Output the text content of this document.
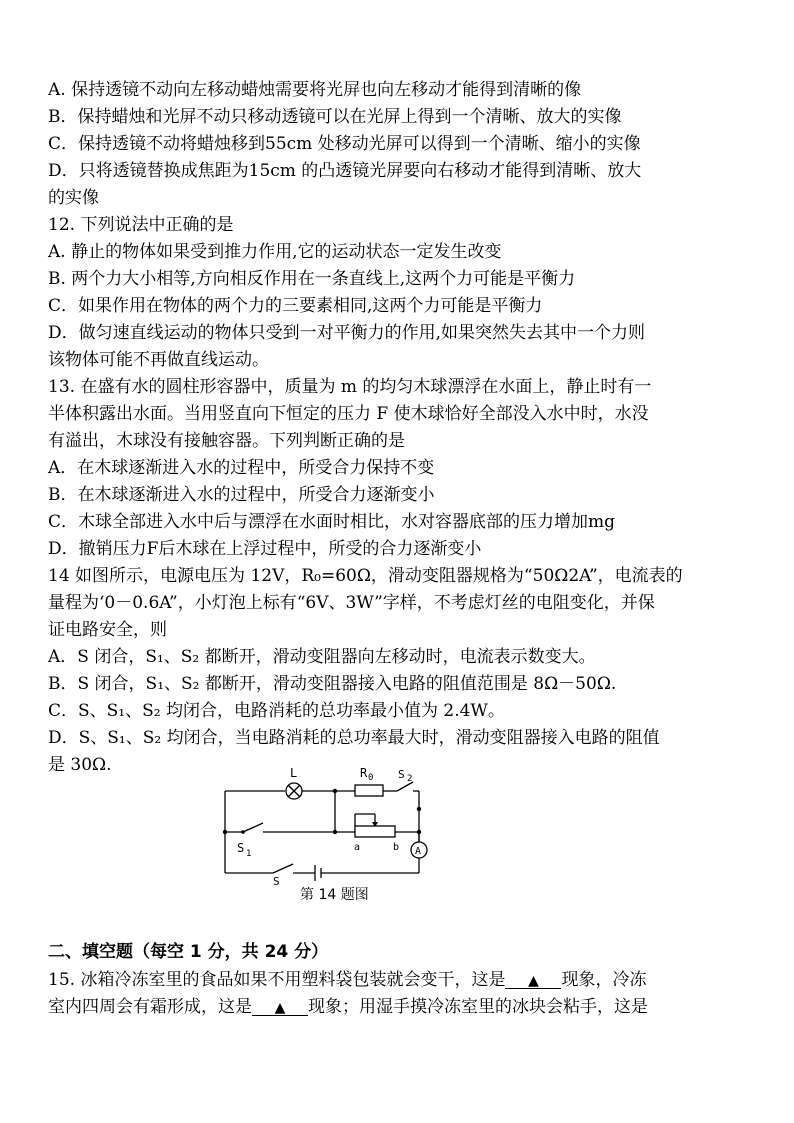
A. 保持透镜不动向左移动蜡烛需要将光屏也向左移动才能得到清晰的像
B．保持蜡烛和光屏不动只移动透镜可以在光屏上得到一个清晰、放大的实像
C．保持透镜不动将蜡烛移到55cm 处移动光屏可以得到一个清晰、缩小的实像
D．只将透镜替换成焦距为15cm 的凸透镜光屏要向右移动才能得到清晰、放大
的实像
12. 下列说法中正确的是
A. 静止的物体如果受到推力作用,它的运动状态一定发生改变
B. 两个力大小相等,方向相反作用在一条直线上,这两个力可能是平衡力
C．如果作用在物体的两个力的三要素相同,这两个力可能是平衡力
D．做匀速直线运动的物体只受到一对平衡力的作用,如果突然失去其中一个力则
该物体可能不再做直线运动。
13. 在盛有水的圆柱形容器中，质量为 m 的均匀木球漂浮在水面上，静止时有一
半体积露出水面。当用竖直向下恒定的压力 F 使木球恰好全部没入水中时，水没
有溢出，木球没有接触容器。下列判断正确的是
A．在木球逐渐进入水的过程中，所受合力保持不变
B．在木球逐渐进入水的过程中，所受合力逐渐变小
C．木球全部进入水中后与漂浮在水面时相比，水对容器底部的压力增加mg
D．撤销压力F后木球在上浮过程中，所受的合力逐渐变小
14 如图所示，电源电压为 12V，R₀=60Ω，滑动变阻器规格为“50Ω2A”，电流表的
量程为‘0－0.6A”，小灯泡上标有“6V、3W”字样，不考虑灯丝的电阻变化，并保
证电路安全，则
A．S 闭合，S₁、S₂ 都断开，滑动变阻器向左移动时，电流表示数变大。
B．S 闭合，S₁、S₂ 都断开，滑动变阻器接入电路的阻值范围是 8Ω－50Ω.
C．S、S₁、S₂ 均闭合，电路消耗的总功率最小值为 2.4W。
D．S、S₁、S₂ 均闭合，当电路消耗的总功率最大时，滑动变阻器接入电路的阻值
是 30Ω.	L	R 0 S 2
S 1
S
a	b A
第 14 题图
二、填空题（每空 1 分，共 24 分）
15. 冰箱冷冻室里的食品如果不用塑料袋包装就会变干，这是 ▲ 现象，冷冻
室内四周会有霜形成，这是 ▲ 现象；用湿手摸冷冻室里的冰块会粘手，这是
